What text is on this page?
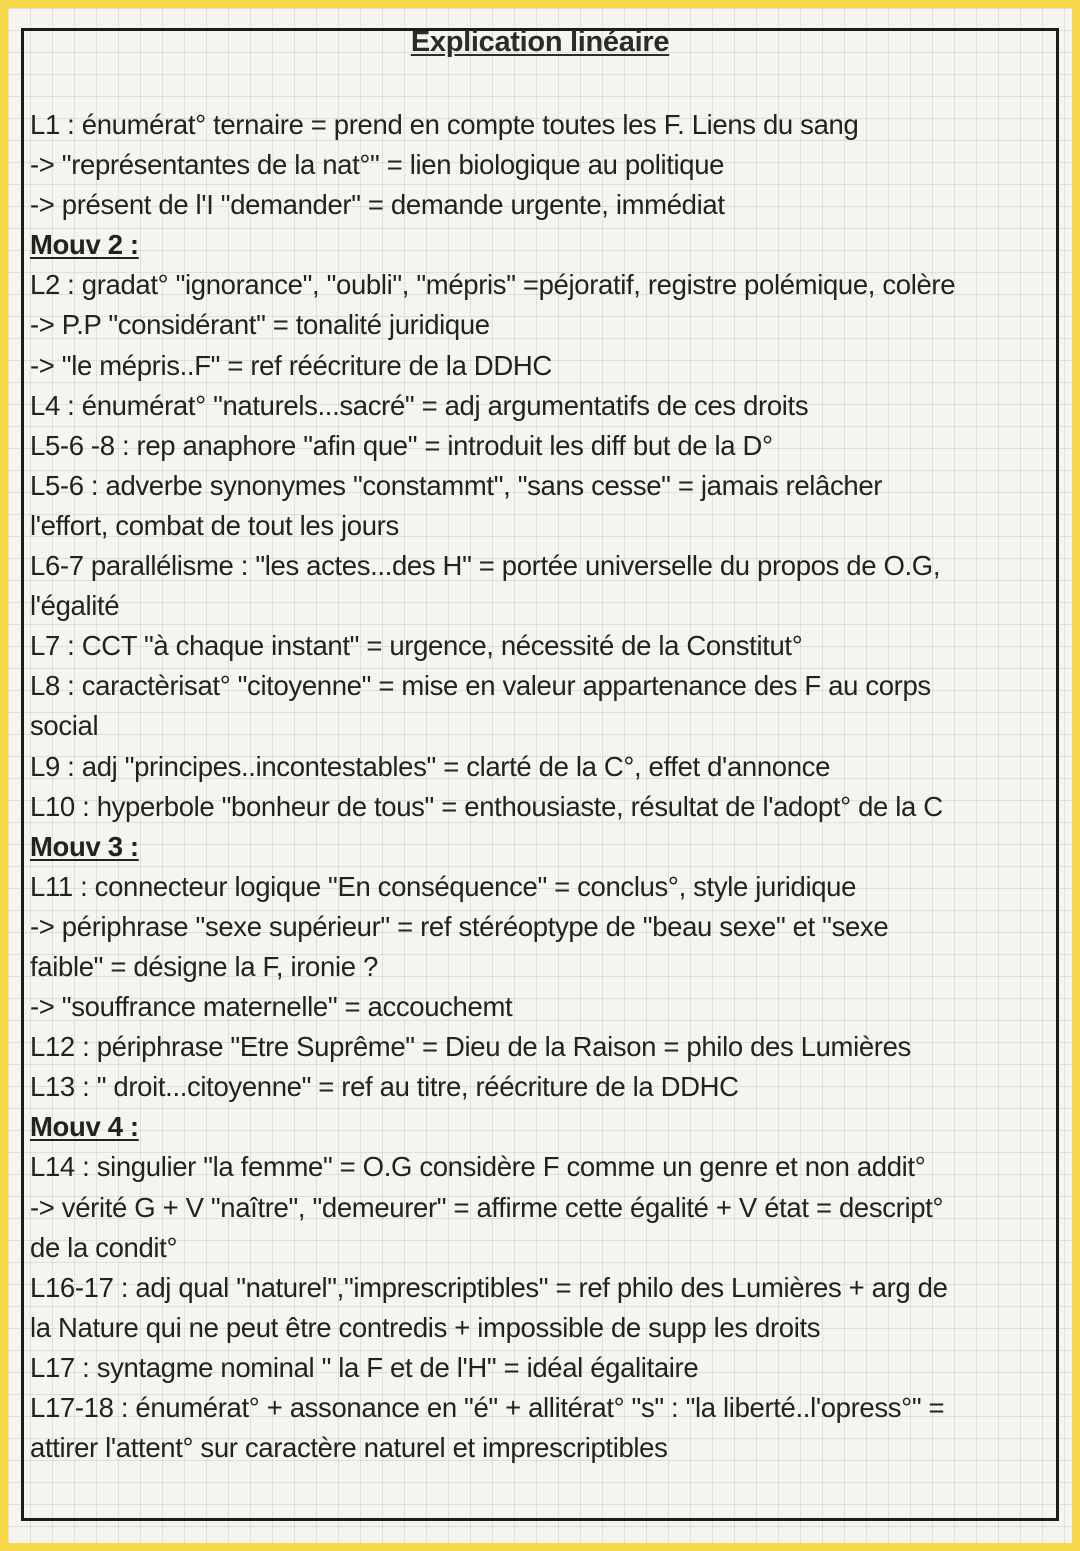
Explication linéaire
L1 : énumérat° ternaire = prend en compte toutes les F. Liens du sang
-> "représentantes de la nat°" = lien biologique au politique
-> présent de l'I "demander" = demande urgente, immédiat
Mouv 2 :
L2 : gradat° "ignorance", "oubli", "mépris" =péjoratif, registre polémique, colère
-> P.P "considérant" = tonalité juridique
-> "le mépris..F" = ref réécriture de la DDHC
L4 : énumérat° "naturels...sacré" = adj argumentatifs de ces droits
L5-6 -8 : rep anaphore "afin que" = introduit les diff but de la D°
L5-6 : adverbe synonymes "constammt", "sans cesse" = jamais relâcher
l'effort, combat de tout les jours
L6-7 parallélisme : "les actes...des H" = portée universelle du propos de O.G,
l'égalité
L7 : CCT "à chaque instant" = urgence, nécessité de la Constitut°
L8 : caractèrisat° "citoyenne" = mise en valeur appartenance des F au corps
social
L9 : adj "principes..incontestables" = clarté de la C°, effet d'annonce
L10 : hyperbole "bonheur de tous" = enthousiaste, résultat de l'adopt° de la C
Mouv 3 :
L11 : connecteur logique "En conséquence" = conclus°, style juridique
-> périphrase "sexe supérieur" = ref stéréoptype de "beau sexe" et "sexe
faible" = désigne la F, ironie ?
-> "souffrance maternelle" = accouchemt
L12 : périphrase "Etre Suprême" = Dieu de la Raison = philo des Lumières
L13 : " droit...citoyenne" = ref au titre, réécriture de la DDHC
Mouv 4 :
L14 : singulier "la femme" = O.G considère F comme un genre et non addit°
-> vérité G + V "naître", "demeurer" = affirme cette égalité + V état = descript°
de la condit°
L16-17 : adj qual "naturel","imprescriptibles" = ref philo des Lumières + arg de
la Nature qui ne peut être contredis + impossible de supp les droits
L17 : syntagme nominal " la F et de l'H" = idéal égalitaire
L17-18 : énumérat° + assonance en "é" + allitérat° "s" : "la liberté..l'opress°" =
attirer l'attent° sur caractère naturel et imprescriptibles
